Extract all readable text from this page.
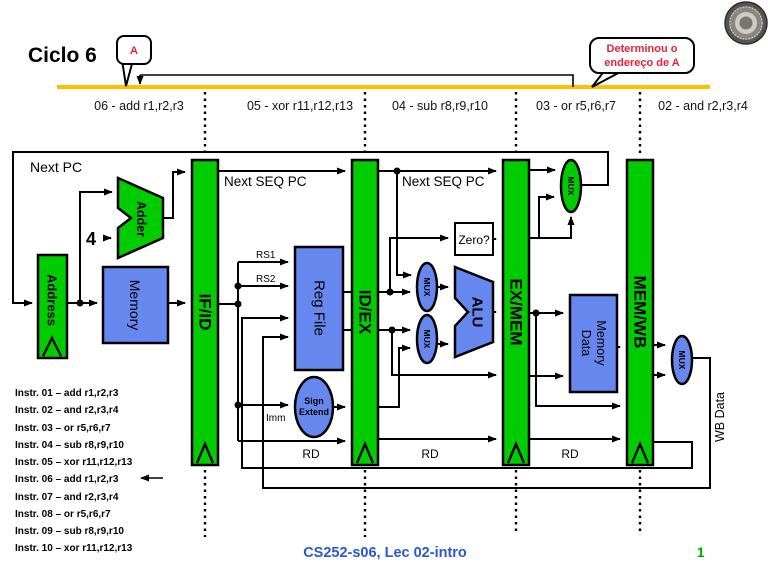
Ciclo 6	A	Determinou o
endereço de A
06 - add r1,r2,r3	05 - xor r11,r12,r13	04 - sub r8,r9,r10	03 - or r5,r6,r7	02 - and r2,r3,r4
Address
Adder
Memory	IF/ID	Reg File
Sign
Extend
ID/EX
Zero?
MUX
MUX
ALU EX/MEM
MUX
Data Memory MEM/WB
MUX
Next PC
Next SEQ PC	Next SEQ PC
4
RS1
RS2
Imm
RD	RD	RD
WB Data
Instr. 01 – add r1,r2,r3
Instr. 02 – and r2,r3,r4
Instr. 03 – or r5,r6,r7
Instr. 04 – sub r8,r9,r10
Instr. 05 – xor r11,r12,r13
Instr. 06 – add r1,r2,r3
Instr. 07 – and r2,r3,r4
Instr. 08 – or r5,r6,r7
Instr. 09 – sub r8,r9,r10
Instr. 10 – xor r11,r12,r13	CS252-s06, Lec 02-intro	1
